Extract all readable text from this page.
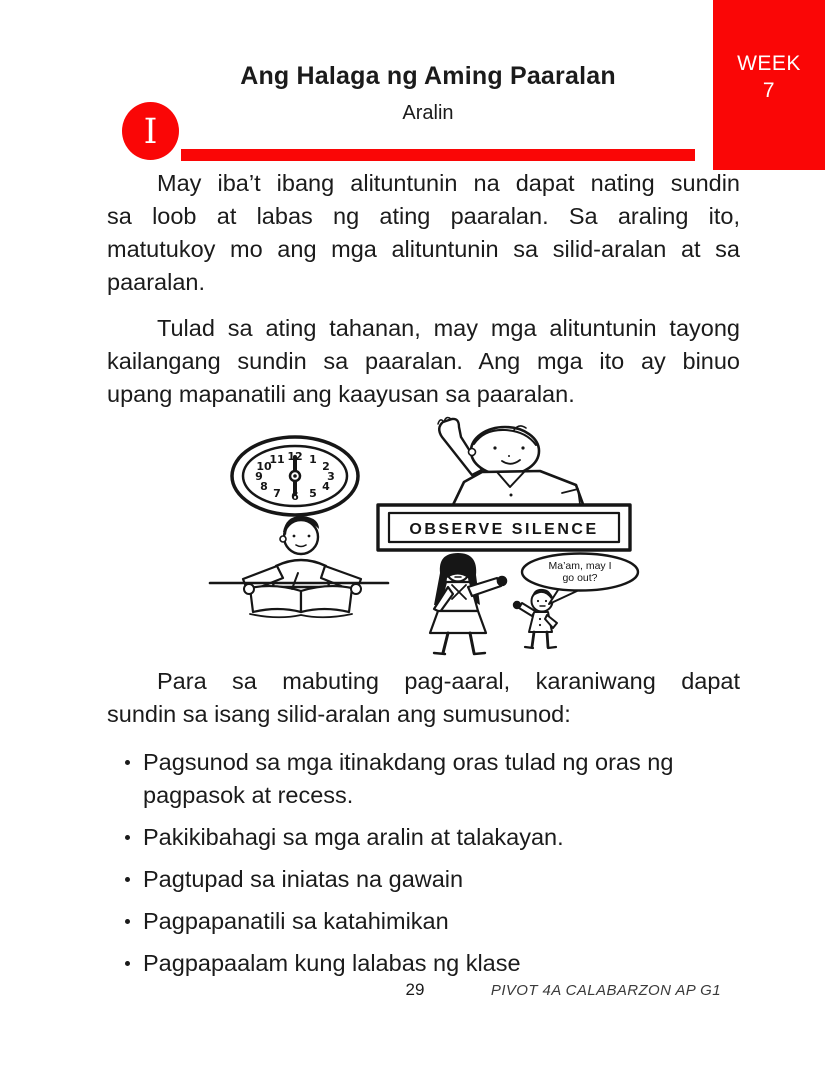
WEEK
7
Ang Halaga ng Aming Paaralan
Aralin
I
May iba’t ibang alituntunin na dapat nating sundin
sa loob at labas ng ating paaralan. Sa araling ito,
matutukoy mo ang mga alituntunin sa silid-aralan at sa
paaralan.
Tulad sa ating tahanan, may mga alituntunin tayong
kailangang sundin sa paaralan. Ang mga ito ay binuo
upang mapanatili ang kaayusan sa paaralan.
12 1
2
3
4
5
6
7
8
9
10
11
OBSERVE SILENCE
Ma’am, may I
go out?
Para sa mabuting pag-aaral, karaniwang dapat
sundin sa isang silid-aralan ang sumusunod:
Pagsunod sa mga itinakdang oras tulad ng oras ng pagpasok at recess.
Pakikibahagi sa mga aralin at talakayan.
Pagtupad sa iniatas na gawain
Pagpapanatili sa katahimikan
Pagpapaalam kung lalabas ng klase
29	PIVOT 4A CALABARZON AP G1
